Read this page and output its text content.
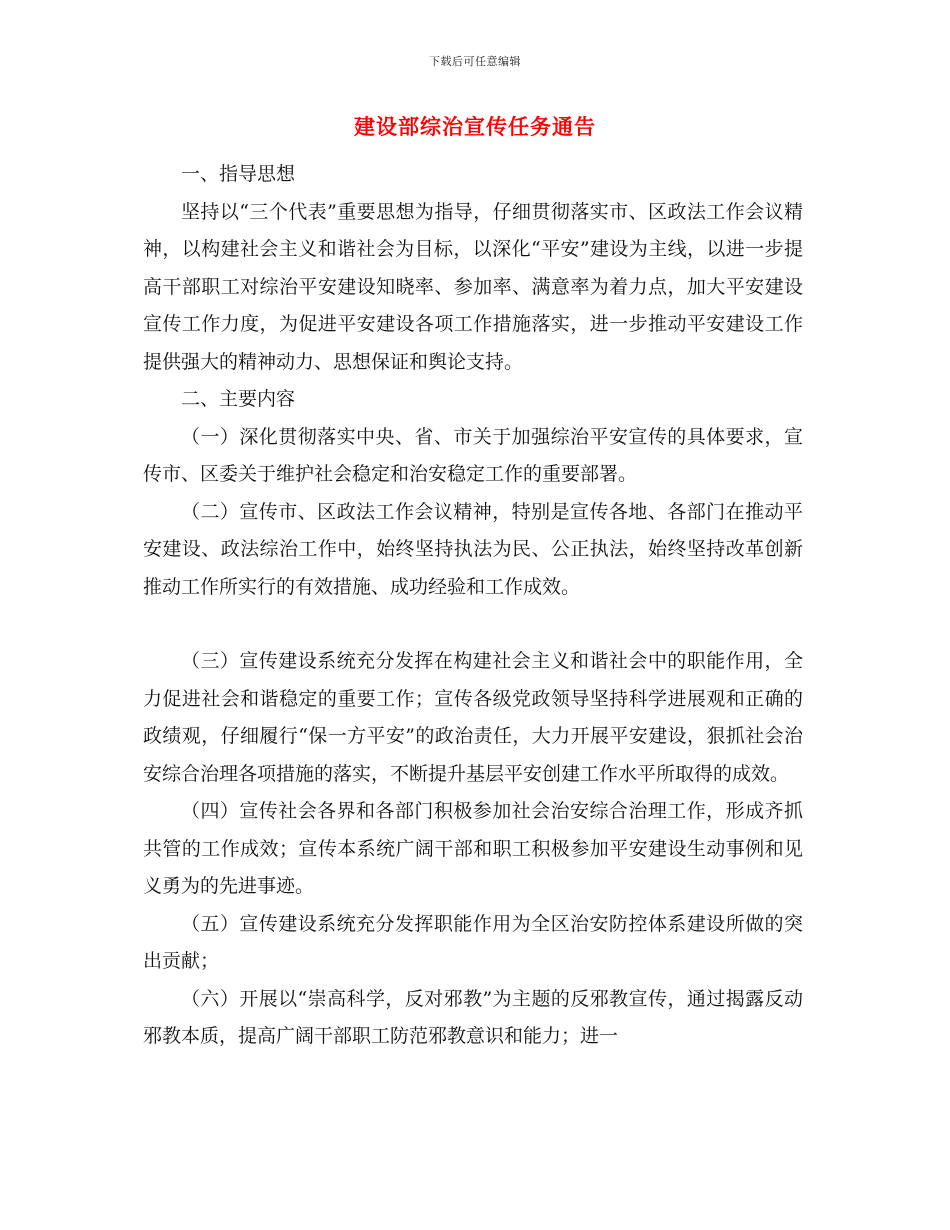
下载后可任意编辑
建设部综治宣传任务通告

一、指导思想

坚持以“三个代表”重要思想为指导，仔细贯彻落实市、区政法工作会议精神，以构建社会主义和谐社会为目标，以深化“平安”建设为主线，以进一步提高干部职工对综治平安建设知晓率、参加率、满意率为着力点，加大平安建设宣传工作力度，为促进平安建设各项工作措施落实，进一步推动平安建设工作提供强大的精神动力、思想保证和舆论支持。

二、主要内容

（一）深化贯彻落实中央、省、市关于加强综治平安宣传的具体要求，宣传市、区委关于维护社会稳定和治安稳定工作的重要部署。

（二）宣传市、区政法工作会议精神，特别是宣传各地、各部门在推动平安建设、政法综治工作中，始终坚持执法为民、公正执法，始终坚持改革创新推动工作所实行的有效措施、成功经验和工作成效。

（三）宣传建设系统充分发挥在构建社会主义和谐社会中的职能作用，全力促进社会和谐稳定的重要工作；宣传各级党政领导坚持科学进展观和正确的政绩观，仔细履行“保一方平安”的政治责任，大力开展平安建设，狠抓社会治安综合治理各项措施的落实，不断提升基层平安创建工作水平所取得的成效。

（四）宣传社会各界和各部门积极参加社会治安综合治理工作，形成齐抓共管的工作成效；宣传本系统广阔干部和职工积极参加平安建设生动事例和见义勇为的先进事迹。

（五）宣传建设系统充分发挥职能作用为全区治安防控体系建设所做的突出贡献；

（六）开展以“崇高科学，反对邪教”为主题的反邪教宣传，通过揭露反动邪教本质，提高广阔干部职工防范邪教意识和能力；进一
